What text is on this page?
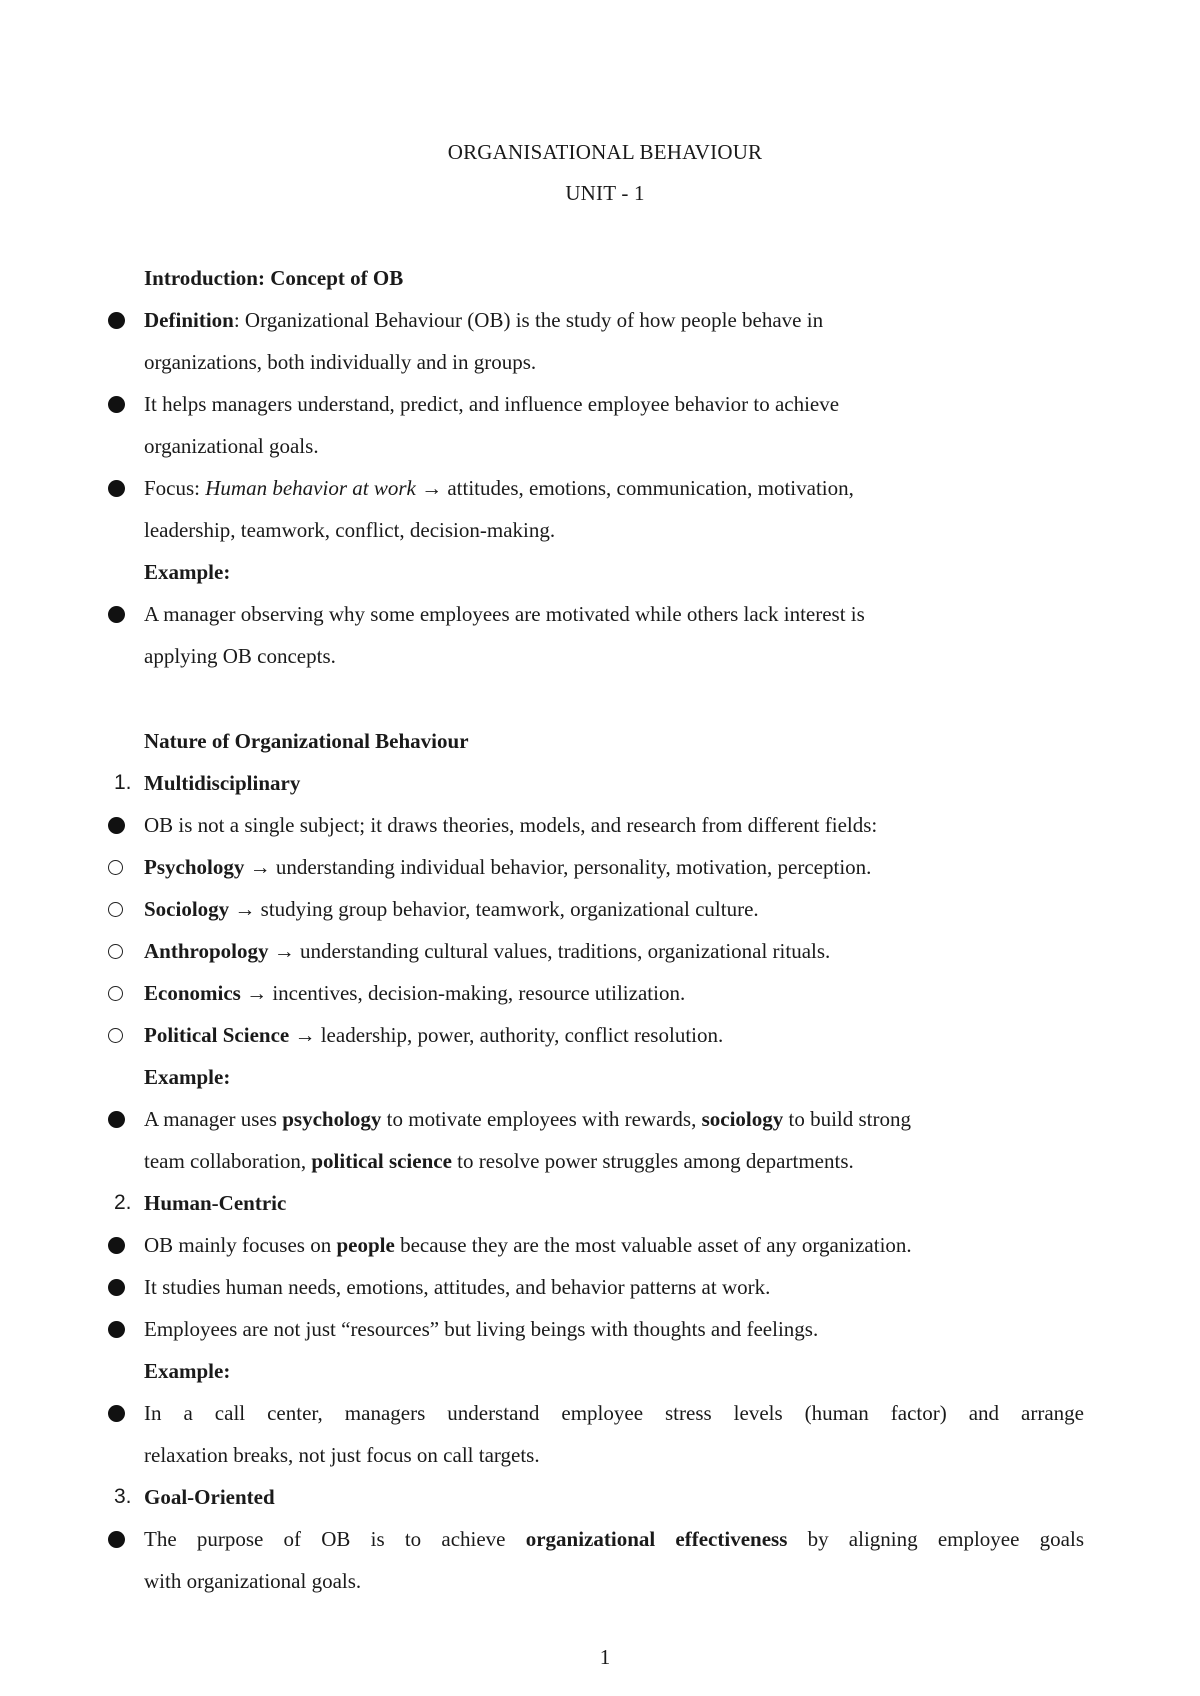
ORGANISATIONAL BEHAVIOUR
UNIT - 1
Introduction: Concept of OB
Definition: Organizational Behaviour (OB) is the study of how people behave in
organizations, both individually and in groups.
It helps managers understand, predict, and influence employee behavior to achieve
organizational goals.
Focus: Human behavior at work → attitudes, emotions, communication, motivation,
leadership, teamwork, conflict, decision-making.
Example:
A manager observing why some employees are motivated while others lack interest is
applying OB concepts.
Nature of Organizational Behaviour
1. Multidisciplinary
OB is not a single subject; it draws theories, models, and research from different fields:
Psychology → understanding individual behavior, personality, motivation, perception.
Sociology → studying group behavior, teamwork, organizational culture.
Anthropology → understanding cultural values, traditions, organizational rituals.
Economics → incentives, decision-making, resource utilization.
Political Science → leadership, power, authority, conflict resolution.
Example:
A manager uses psychology to motivate employees with rewards, sociology to build strong
team collaboration, political science to resolve power struggles among departments.
2. Human-Centric
OB mainly focuses on people because they are the most valuable asset of any organization.
It studies human needs, emotions, attitudes, and behavior patterns at work.
Employees are not just “resources” but living beings with thoughts and feelings.
Example:
In a call center, managers understand employee stress levels (human factor) and arrange
relaxation breaks, not just focus on call targets.
3. Goal-Oriented
The purpose of OB is to achieve organizational effectiveness by aligning employee goals
with organizational goals.
1
